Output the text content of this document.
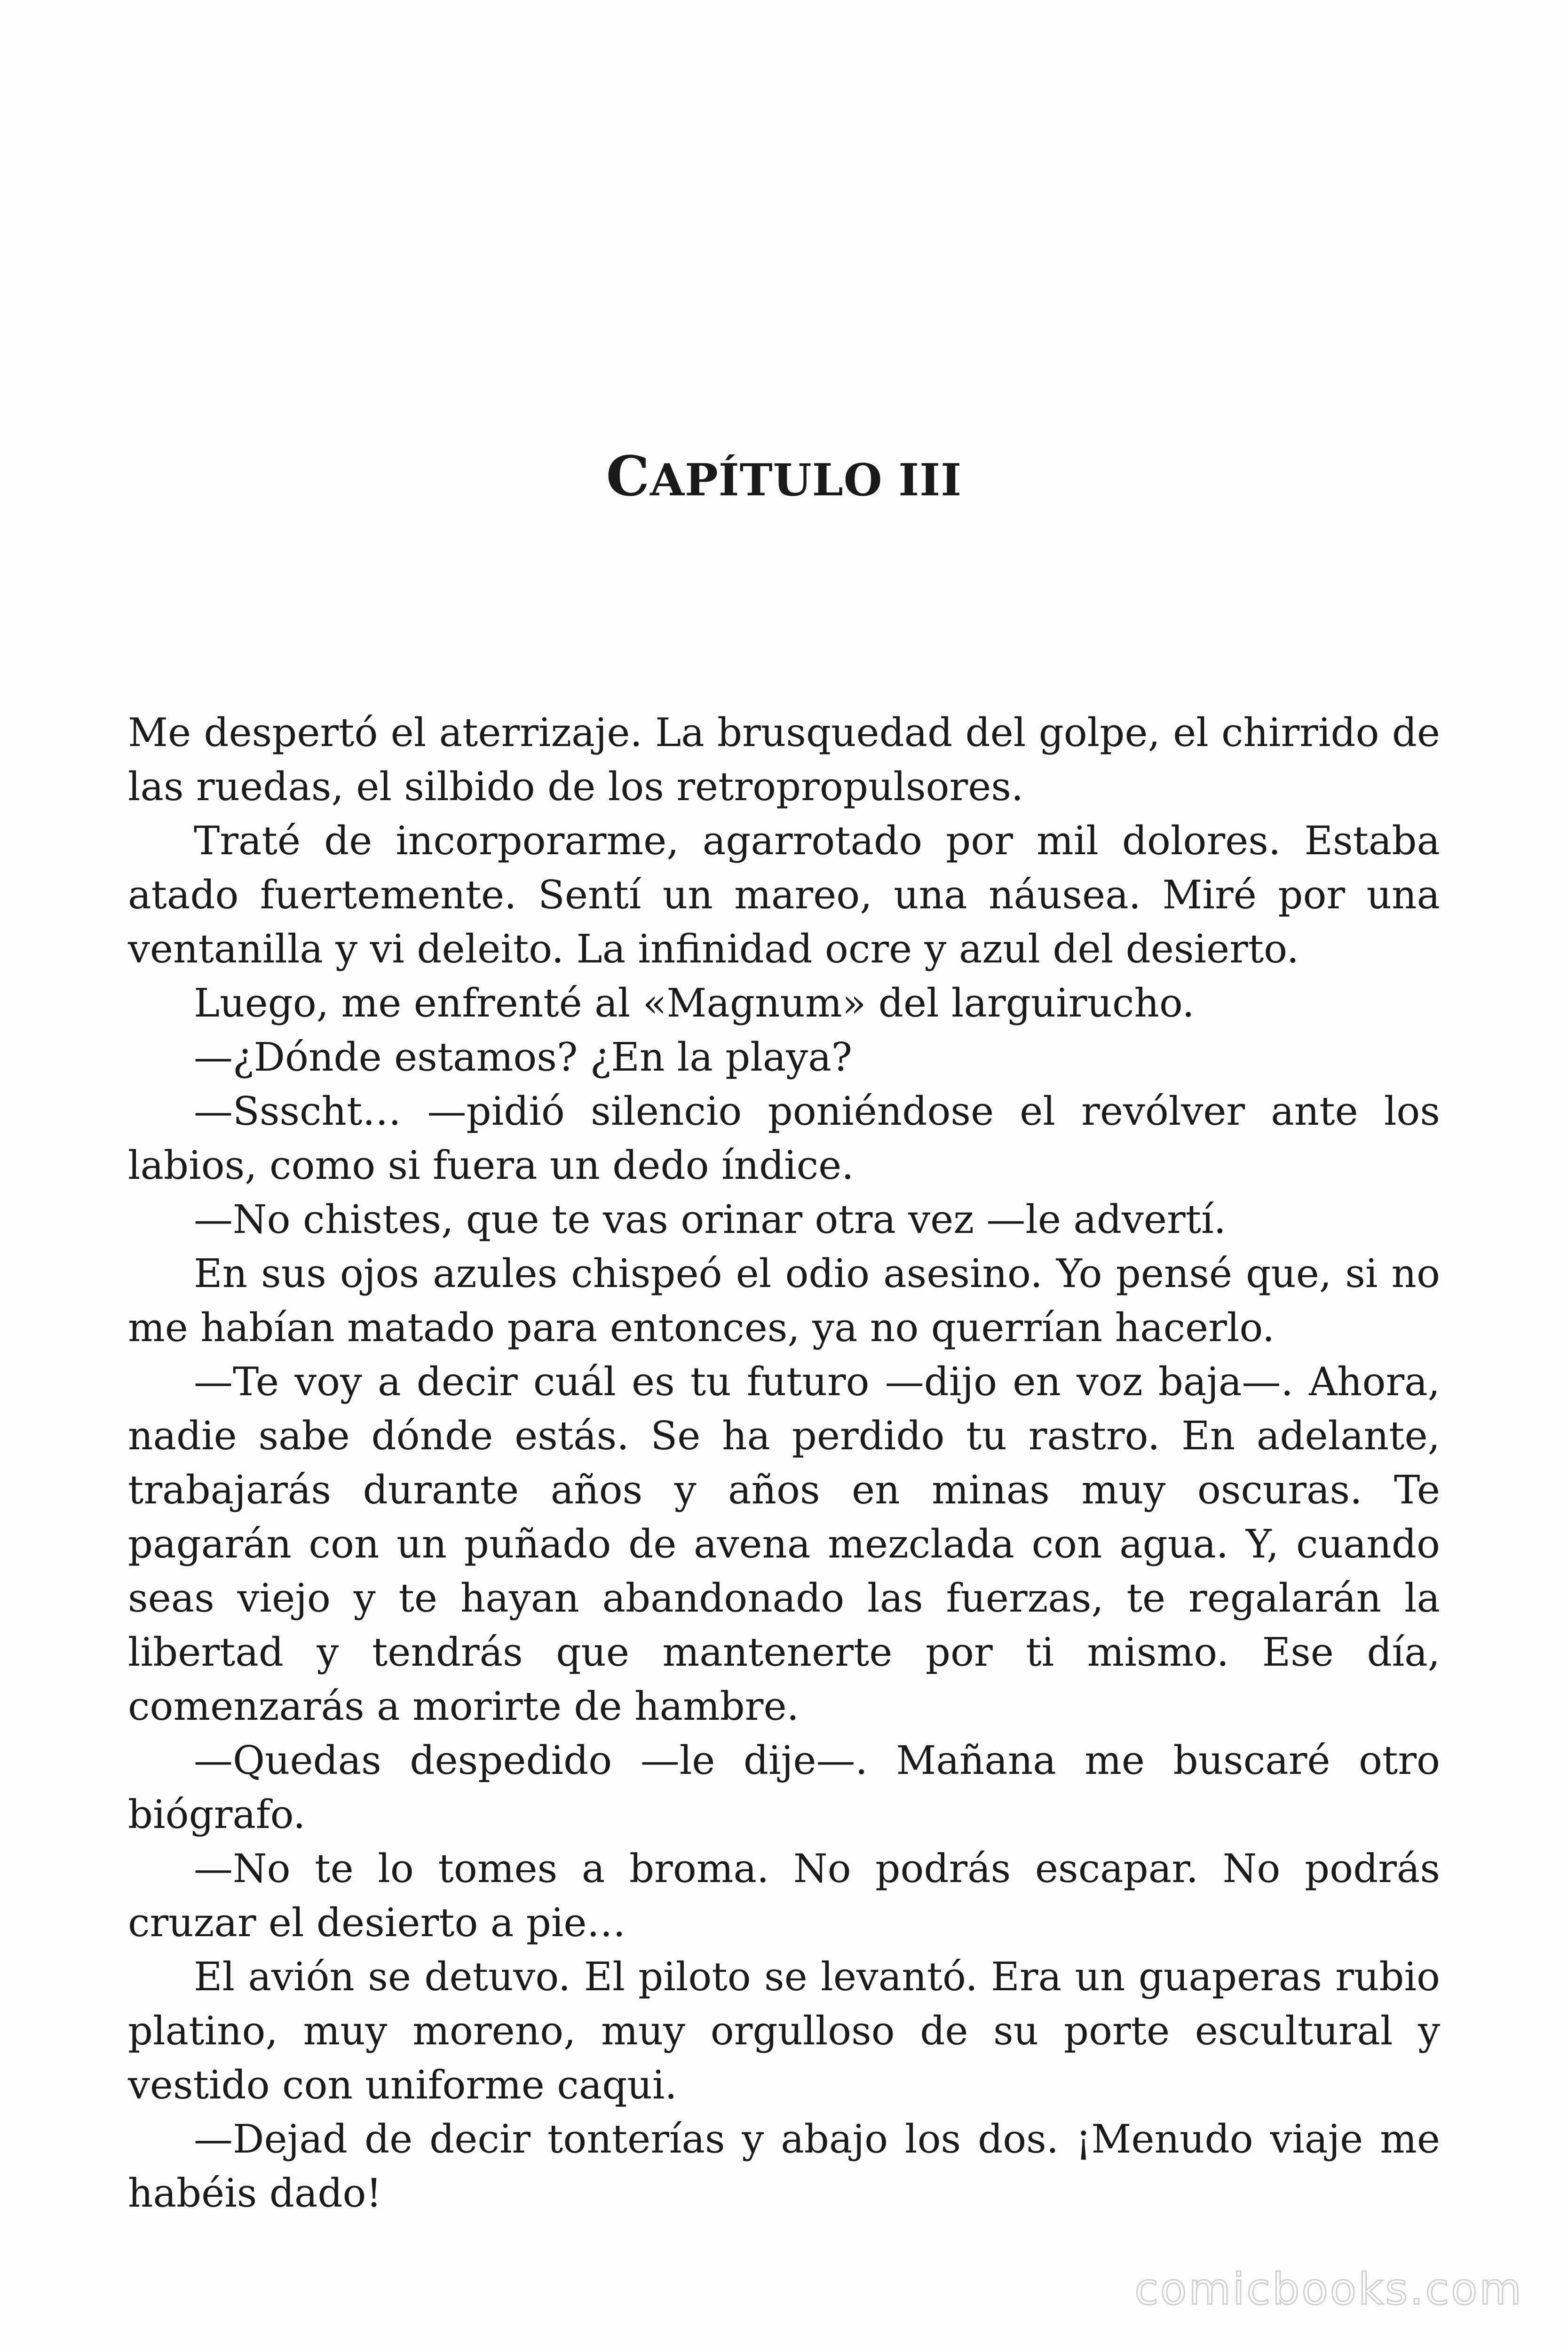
CAPÍTULO III

Me despertó el aterrizaje. La brusquedad del golpe, el chirrido de las ruedas, el silbido de los retropropulsores.

Traté de incorporarme, agarrotado por mil dolores. Estaba atado fuertemente. Sentí un mareo, una náusea. Miré por una ventanilla y vi deleito. La infinidad ocre y azul del desierto.

Luego, me enfrenté al «Magnum» del larguirucho.

—¿Dónde estamos? ¿En la playa?

—Ssscht… —pidió silencio poniéndose el revólver ante los labios, como si fuera un dedo índice.

—No chistes, que te vas orinar otra vez —le advertí.

En sus ojos azules chispeó el odio asesino. Yo pensé que, si no me habían matado para entonces, ya no querrían hacerlo.

—Te voy a decir cuál es tu futuro —dijo en voz baja—. Ahora, nadie sabe dónde estás. Se ha perdido tu rastro. En adelante, trabajarás durante años y años en minas muy oscuras. Te pagarán con un puñado de avena mezclada con agua. Y, cuando seas viejo y te hayan abandonado las fuerzas, te regalarán la libertad y tendrás que mantenerte por ti mismo. Ese día, comenzarás a morirte de hambre.

—Quedas despedido —le dije—. Mañana me buscaré otro biógrafo.

—No te lo tomes a broma. No podrás escapar. No podrás cruzar el desierto a pie…

El avión se detuvo. El piloto se levantó. Era un guaperas rubio platino, muy moreno, muy orgulloso de su porte escultural y vestido con uniforme caqui.

—Dejad de decir tonterías y abajo los dos. ¡Menudo viaje me habéis dado!

comicbooks.com
